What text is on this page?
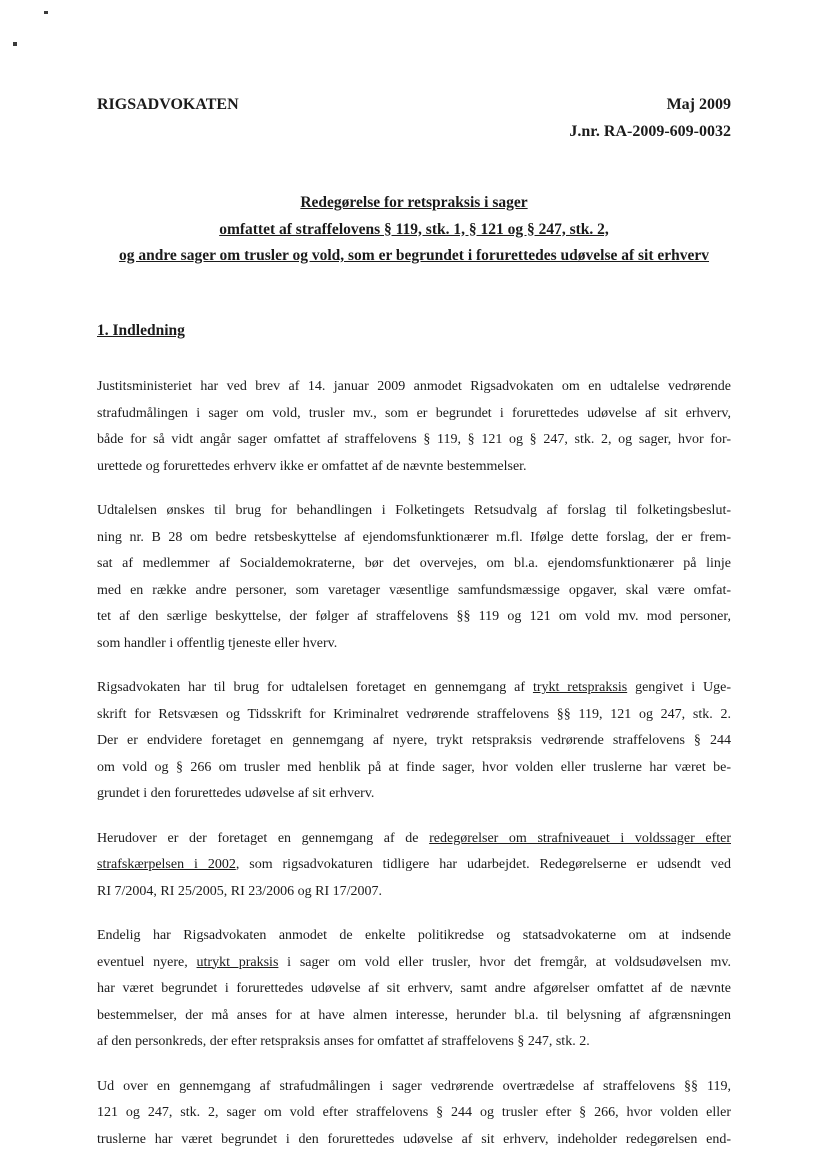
RIGSADVOKATEN	Maj 2009
J.nr. RA-2009-609-0032
Redegørelse for retspraksis i sager
omfattet af straffelovens § 119, stk. 1, § 121 og § 247, stk. 2,
og andre sager om trusler og vold, som er begrundet i forurettedes udøvelse af sit erhverv
1. Indledning
Justitsministeriet har ved brev af 14. januar 2009 anmodet Rigsadvokaten om en udtalelse vedrørende
strafudmålingen i sager om vold, trusler mv., som er begrundet i forurettedes udøvelse af sit erhverv,
både for så vidt angår sager omfattet af straffelovens § 119, § 121 og § 247, stk. 2, og sager, hvor for-
urettede og forurettedes erhverv ikke er omfattet af de nævnte bestemmelser.
Udtalelsen ønskes til brug for behandlingen i Folketingets Retsudvalg af forslag til folketingsbeslut-
ning nr. B 28 om bedre retsbeskyttelse af ejendomsfunktionærer m.fl. Ifølge dette forslag, der er frem-
sat af medlemmer af Socialdemokraterne, bør det overvejes, om bl.a. ejendomsfunktionærer på linje
med en række andre personer, som varetager væsentlige samfundsmæssige opgaver, skal være omfat-
tet af den særlige beskyttelse, der følger af straffelovens §§ 119 og 121 om vold mv. mod personer,
som handler i offentlig tjeneste eller hverv.
Rigsadvokaten har til brug for udtalelsen foretaget en gennemgang af trykt retspraksis gengivet i Uge-
skrift for Retsvæsen og Tidsskrift for Kriminalret vedrørende straffelovens §§ 119, 121 og 247, stk. 2.
Der er endvidere foretaget en gennemgang af nyere, trykt retspraksis vedrørende straffelovens § 244
om vold og § 266 om trusler med henblik på at finde sager, hvor volden eller truslerne har været be-
grundet i den forurettedes udøvelse af sit erhverv.
Herudover er der foretaget en gennemgang af de redegørelser om strafniveauet i voldssager efter
strafskærpelsen i 2002, som rigsadvokaturen tidligere har udarbejdet. Redegørelserne er udsendt ved
RI 7/2004, RI 25/2005, RI 23/2006 og RI 17/2007.
Endelig har Rigsadvokaten anmodet de enkelte politikredse og statsadvokaterne om at indsende
eventuel nyere, utrykt praksis i sager om vold eller trusler, hvor det fremgår, at voldsudøvelsen mv.
har været begrundet i forurettedes udøvelse af sit erhverv, samt andre afgørelser omfattet af de nævnte
bestemmelser, der må anses for at have almen interesse, herunder bl.a. til belysning af afgrænsningen
af den personkreds, der efter retspraksis anses for omfattet af straffelovens § 247, stk. 2.
Ud over en gennemgang af strafudmålingen i sager vedrørende overtrædelse af straffelovens §§ 119,
121 og 247, stk. 2, sager om vold efter straffelovens § 244 og trusler efter § 266, hvor volden eller
truslerne har været begrundet i den forurettedes udøvelse af sit erhverv, indeholder redegørelsen end-
